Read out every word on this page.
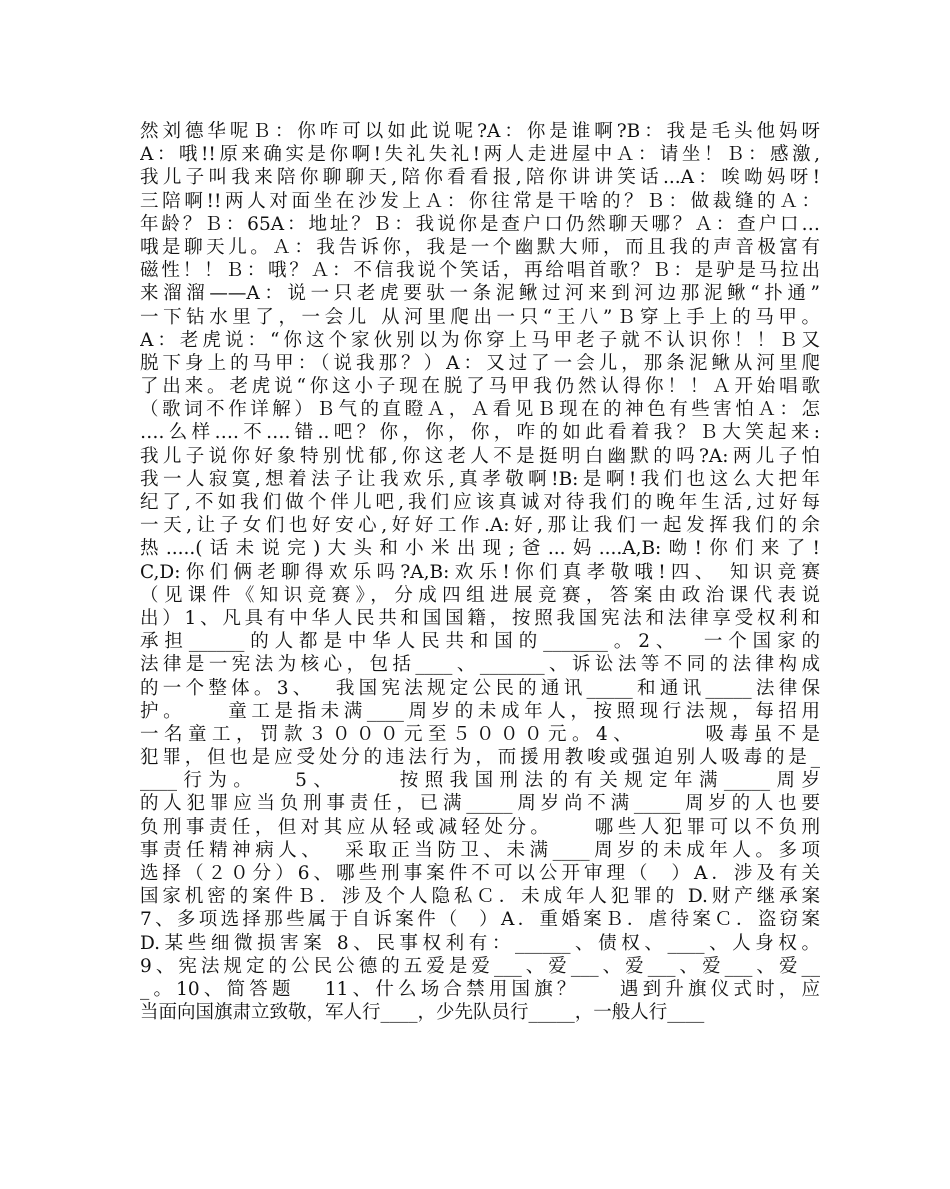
然刘德华呢Ｂ：你咋可以如此说呢?A：你是谁啊?B：我是毛头他妈呀
A：哦!!原来确实是你啊!失礼失礼!两人走进屋中Ａ：请坐！Ｂ：感激,
我儿子叫我来陪你聊聊天,陪你看看报,陪你讲讲笑话...A：唉呦妈呀!
三陪啊!!两人对面坐在沙发上Ａ：你往常是干啥的？Ｂ：做裁缝的Ａ：
年龄？Ｂ：65A：地址？Ｂ：我说你是查户口仍然聊天哪？Ａ：查户口…
哦是聊天儿。Ａ：我告诉你，我是一个幽默大师，而且我的声音极富有
磁性！！Ｂ：哦？Ａ：不信我说个笑话，再给唱首歌？Ｂ：是驴是马拉出
来溜溜——A：说一只老虎要驮一条泥鳅过河来到河边那泥鳅“扑通”
一下钻水里了，一会儿 从河里爬出一只“王八”Ｂ穿上手上的马甲。
A：老虎说：“你这个家伙别以为你穿上马甲老子就不认识你！！Ｂ又
脱下身上的马甲：（说我那？）A：又过了一会儿，那条泥鳅从河里爬
了出来。老虎说“你这小子现在脱了马甲我仍然认得你！！Ａ开始唱歌
（歌词不作详解）Ｂ气的直瞪Ａ，Ａ看见Ｂ现在的神色有些害怕Ａ：怎
….么样….不….错..吧？你，你，你，咋的如此看着我？Ｂ大笑起来:
我儿子说你好象特别忧郁,你这老人不是挺明白幽默的吗?A:两儿子怕
我一人寂寞,想着法子让我欢乐,真孝敬啊!B:是啊!我们也这么大把年
纪了,不如我们做个伴儿吧,我们应该真诚对待我们的晚年生活,过好每
一天,让子女们也好安心,好好工作.A:好,那让我们一起发挥我们的余
热.....(话未说完)大头和小米出现;爸...妈....A,B:呦!你们来了!
C,D:你们俩老聊得欢乐吗?A,B:欢乐!你们真孝敬哦!四、 知识竞赛
（见课件《知识竞赛》，分成四组进展竞赛，答案由政治课代表说
出）1、凡具有中华人民共和国国籍，按照我国宪法和法律享受权利和
承担______的人都是中华人民共和国的_______。2、  一个国家的
法律是一宪法为核心，包括____、_______、诉讼法等不同的法律构成
的一个整体。3、  我国宪法规定公民的通讯_____和通讯_____法律保
护。    童工是指未满____周岁的未成年人，按照现行法规，每招用
一名童工，罚款３０００元至５０００元。4、      吸毒虽不是
犯罪，但也是应受处分的违法行为，而援用教唆或强迫别人吸毒的是_
____行为。   5、     按照我国刑法的有关规定年满_____周岁
的人犯罪应当负刑事责任，已满_____周岁尚不满_____周岁的人也要
负刑事责任，但对其应从轻或减轻处分。    哪些人犯罪可以不负刑
事责任精神病人、  采取正当防卫、未满____周岁的未成年人。多项
选择（２０分）6、哪些刑事案件不可以公开审理（  ）A．涉及有关
国家机密的案件Ｂ．涉及个人隐私Ｃ．未成年人犯罪的 D.财产继承案
7、多项选择那些属于自诉案件（  ）A．重婚案Ｂ．虐待案Ｃ．盗窃案
D.某些细微损害案 8、民事权利有：______、债权、____、人身权。
9、宪法规定的公民公德的五爱是爱___、爱___、爱___、爱___、爱__
_。10、简答题   11、什么场合禁用国旗？    遇到升旗仪式时，应
当面向国旗肃立致敬，军人行____，少先队员行_____，一般人行____
